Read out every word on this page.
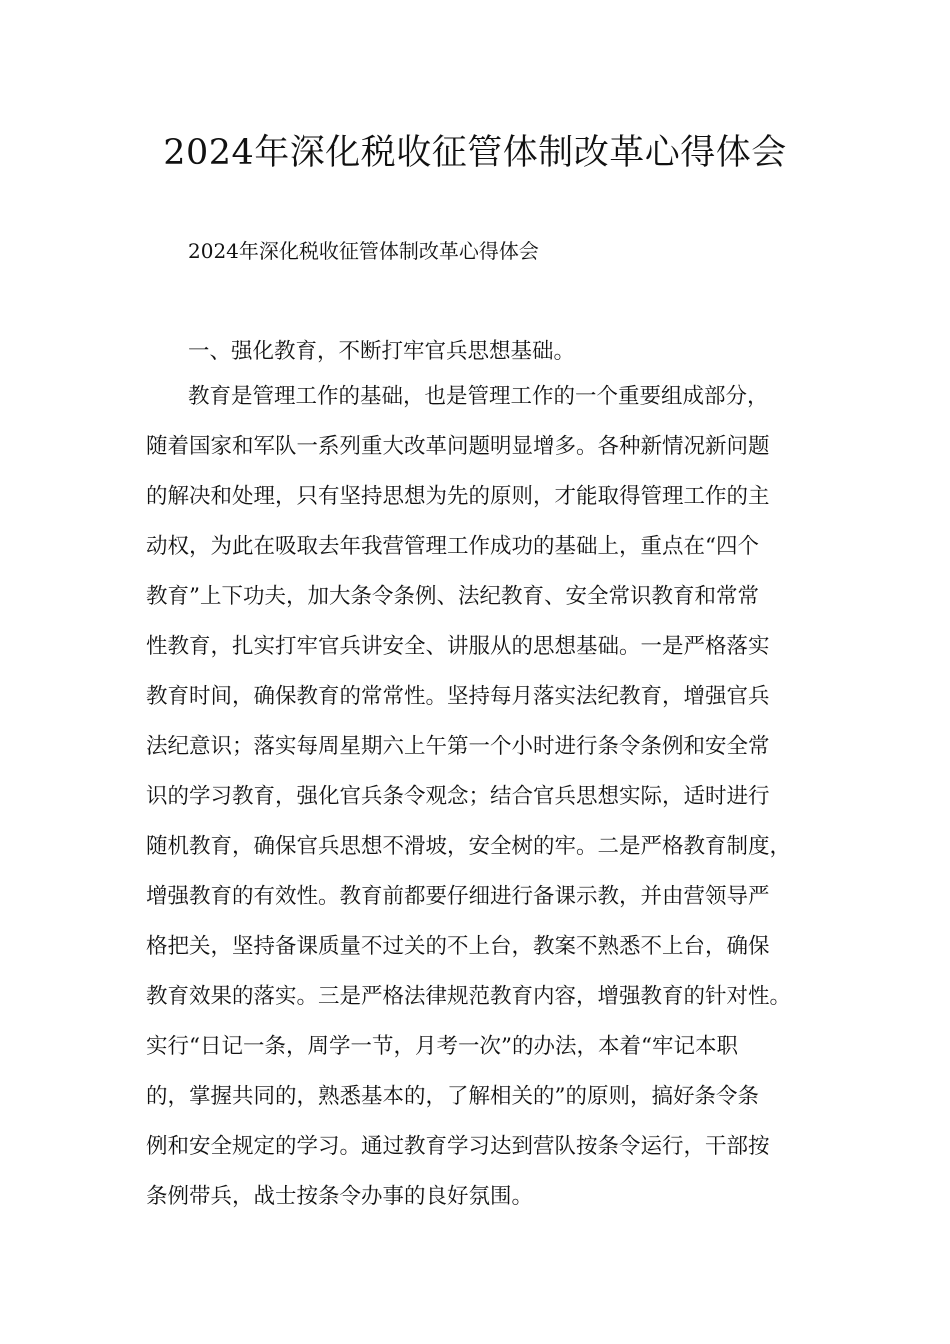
2024年深化税收征管体制改革心得体会
2024年深化税收征管体制改革心得体会
一、强化教育，不断打牢官兵思想基础。
教育是管理工作的基础，也是管理工作的一个重要组成部分，
随着国家和军队一系列重大改革问题明显增多。各种新情况新问题
的解决和处理，只有坚持思想为先的原则，才能取得管理工作的主
动权，为此在吸取去年我营管理工作成功的基础上，重点在“四个
教育”上下功夫，加大条令条例、法纪教育、安全常识教育和常常
性教育，扎实打牢官兵讲安全、讲服从的思想基础。一是严格落实
教育时间，确保教育的常常性。坚持每月落实法纪教育，增强官兵
法纪意识；落实每周星期六上午第一个小时进行条令条例和安全常
识的学习教育，强化官兵条令观念；结合官兵思想实际，适时进行
随机教育，确保官兵思想不滑坡，安全树的牢。二是严格教育制度，
增强教育的有效性。教育前都要仔细进行备课示教，并由营领导严
格把关，坚持备课质量不过关的不上台，教案不熟悉不上台，确保
教育效果的落实。三是严格法律规范教育内容，增强教育的针对性。
实行“日记一条，周学一节，月考一次”的办法，本着“牢记本职
的，掌握共同的，熟悉基本的，了解相关的”的原则，搞好条令条
例和安全规定的学习。通过教育学习达到营队按条令运行，干部按
条例带兵，战士按条令办事的良好氛围。
